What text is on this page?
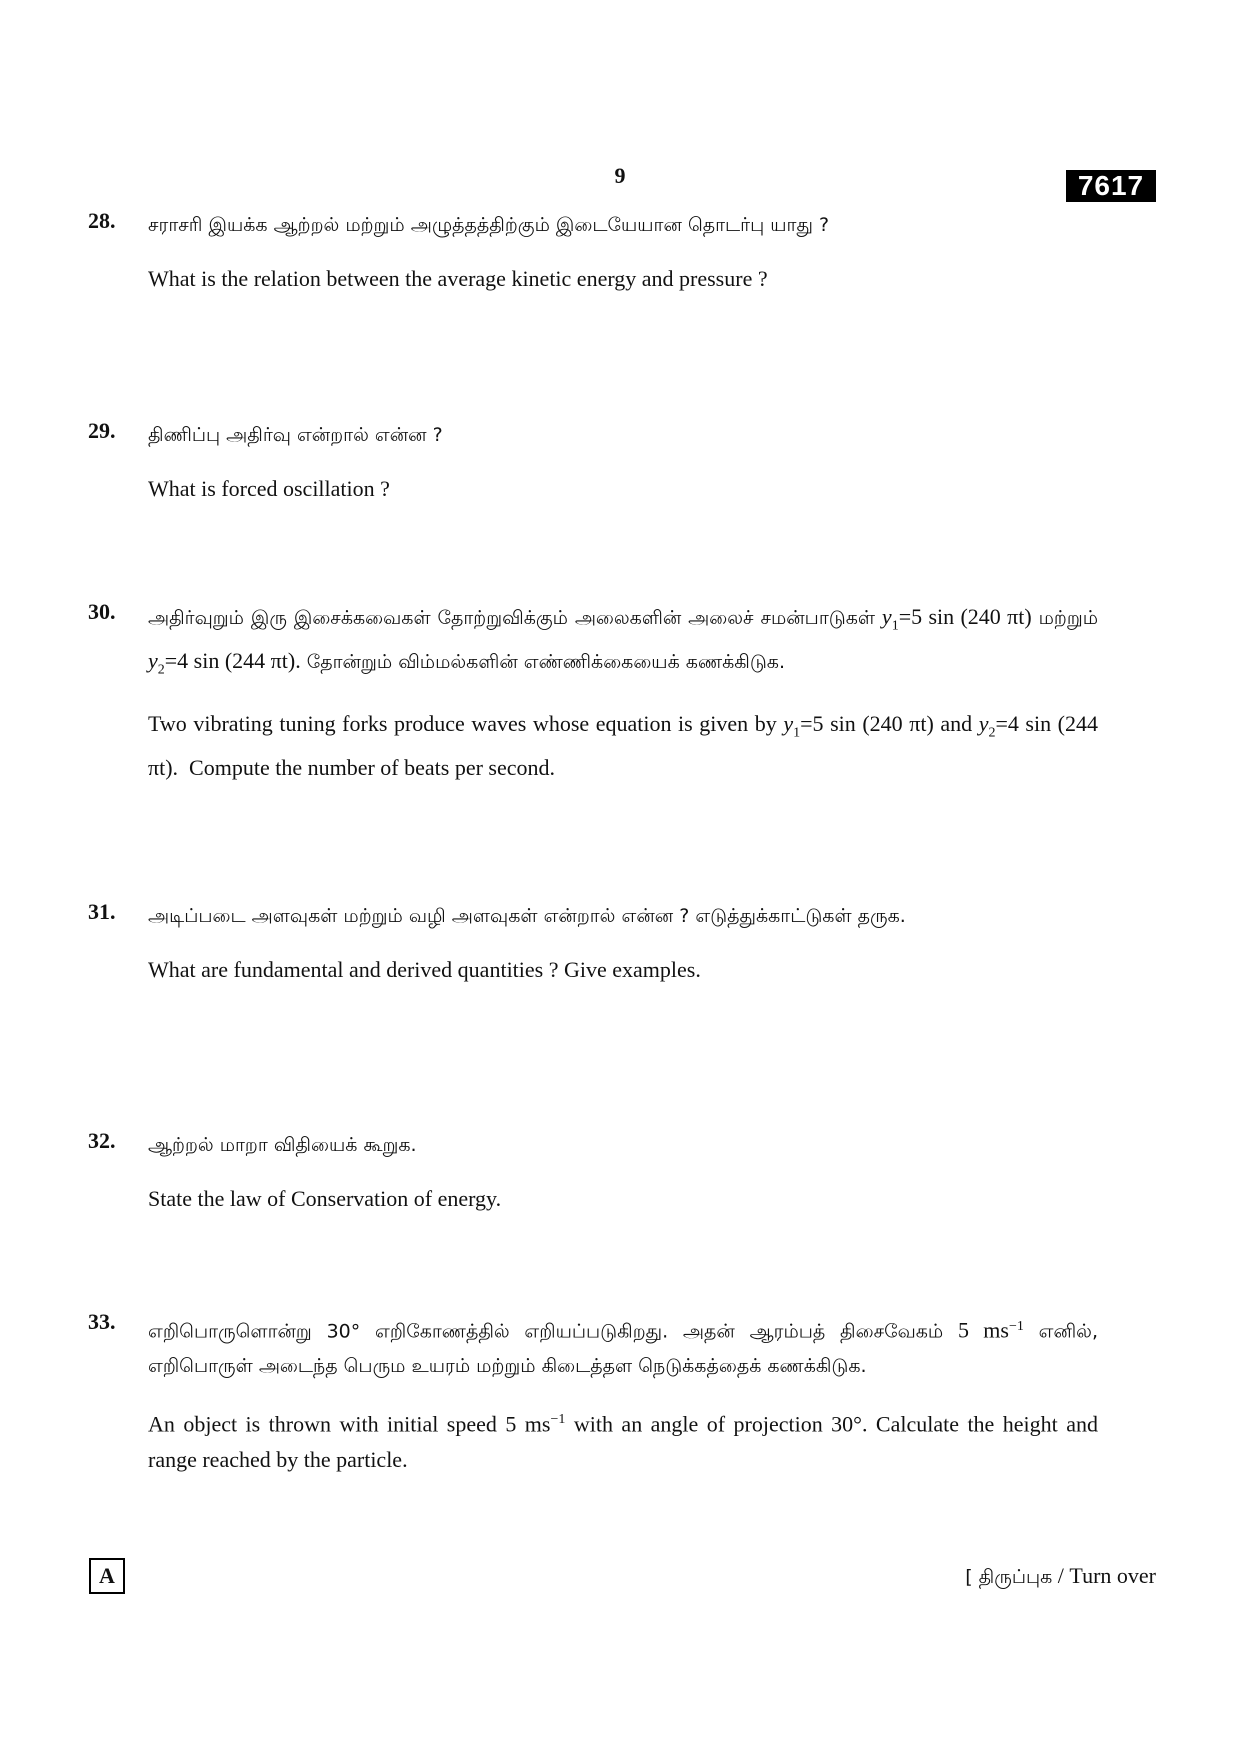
9	7617
28. சராசரி இயக்க ஆற்றல் மற்றும் அழுத்தத்திற்கும் இடையேயான தொடர்பு யாது ?
What is the relation between the average kinetic energy and pressure ?
29. திணிப்பு அதிர்வு என்றால் என்ன ?
What is forced oscillation ?
30. அதிர்வுறும் இரு இசைக்கவைகள் தோற்றுவிக்கும் அலைகளின் அலைச் சமன்பாடுகள் $y_1=5$ sin (240 πt) மற்றும் $y_2=4$ sin (244 πt). தோன்றும் விம்மல்களின் எண்ணிக்கையைக் கணக்கிடுக.
Two vibrating tuning forks produce waves whose equation is given by $y_1=5$ sin (240 πt) and $y_2=4$ sin (244 πt). Compute the number of beats per second.
31. அடிப்படை அளவுகள் மற்றும் வழி அளவுகள் என்றால் என்ன ? எடுத்துக்காட்டுகள் தருக.
What are fundamental and derived quantities ? Give examples.
32. ஆற்றல் மாறா விதியைக் கூறுக.
State the law of Conservation of energy.
33. எறிபொருளொன்று 30° எறிகோணத்தில் எறியப்படுகிறது. அதன் ஆரம்பத் திசைவேகம் 5 $ms^{-1}$ எனில், எறிபொருள் அடைந்த பெரும உயரம் மற்றும் கிடைத்தள நெடுக்கத்தைக் கணக்கிடுக.
An object is thrown with initial speed 5 $ms^{-1}$ with an angle of projection 30°. Calculate the height and range reached by the particle.
A	[ திருப்புக / Turn over
